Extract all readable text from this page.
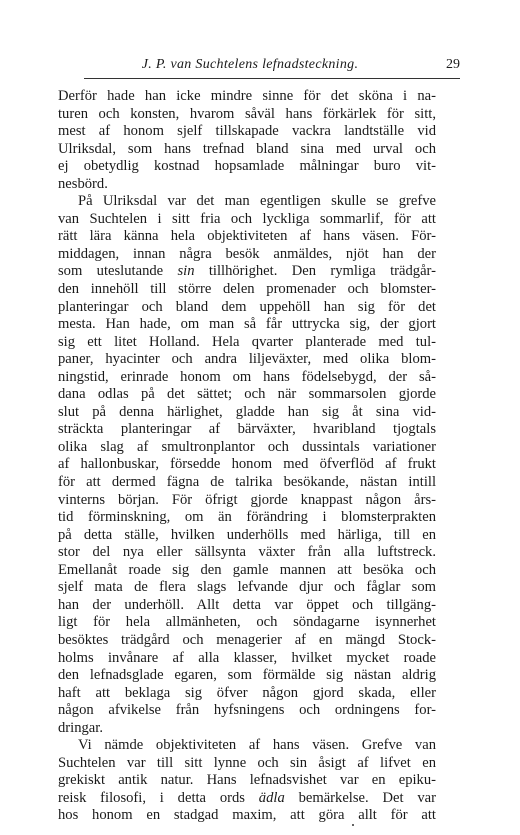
J. P. van Suchtelens lefnadsteckning.	29
Derför hade han icke mindre sinne för det sköna i na-
turen och konsten, hvarom såväl hans förkärlek för sitt,
mest af honom sjelf tillskapade vackra landtställe vid
Ulriksdal, som hans trefnad bland sina med urval och
ej obetydlig kostnad hopsamlade målningar buro vit-
nesbörd.
På Ulriksdal var det man egentligen skulle se grefve
van Suchtelen i sitt fria och lyckliga sommarlif, för att
rätt lära känna hela objektiviteten af hans väsen. För-
middagen, innan några besök anmäldes, njöt han der
som uteslutande sin tillhörighet. Den rymliga trädgår-
den innehöll till större delen promenader och blomster-
planteringar och bland dem uppehöll han sig för det
mesta. Han hade, om man så får uttrycka sig, der gjort
sig ett litet Holland. Hela qvarter planterade med tul-
paner, hyacinter och andra liljeväxter, med olika blom-
ningstid, erinrade honom om hans födelsebygd, der så-
dana odlas på det sättet; och när sommarsolen gjorde
slut på denna härlighet, gladde han sig åt sina vid-
sträckta planteringar af bärväxter, hvaribland tjogtals
olika slag af smultronplantor och dussintals variationer
af hallonbuskar, försedde honom med öfverflöd af frukt
för att dermed fägna de talrika besökande, nästan intill
vinterns början. För öfrigt gjorde knappast någon års-
tid förminskning, om än förändring i blomsterprakten
på detta ställe, hvilken underhölls med härliga, till en
stor del nya eller sällsynta växter från alla luftstreck.
Emellanåt roade sig den gamle mannen att besöka och
sjelf mata de flera slags lefvande djur och fåglar som
han der underhöll. Allt detta var öppet och tillgäng-
ligt för hela allmänheten, och söndagarne isynnerhet
besöktes trädgård och menagerier af en mängd Stock-
holms invånare af alla klasser, hvilket mycket roade
den lefnadsglade egaren, som förmälde sig nästan aldrig
haft att beklaga sig öfver någon gjord skada, eller
någon afvikelse från hyfsningens och ordningens for-
dringar.
Vi nämde objektiviteten af hans väsen. Grefve van
Suchtelen var till sitt lynne och sin åsigt af lifvet en
grekiskt antik natur. Hans lefnadsvishet var en epiku-
reisk filosofi, i detta ords ädla bemärkelse. Det var
hos honom en stadgad maxim, att göra allt för att
